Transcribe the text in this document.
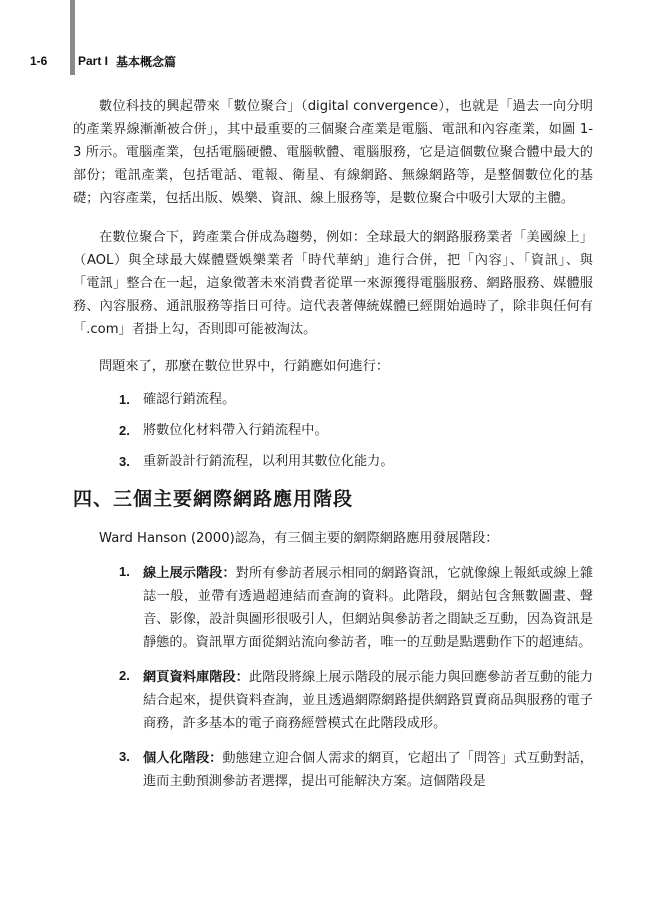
1-6	Part I 基本概念篇

數位科技的興起帶來「數位聚合」（digital convergence），也就是「過去一向分明的產業界線漸漸被合併」，其中最重要的三個聚合產業是電腦、電訊和內容產業，如圖 1-3 所示。電腦產業，包括電腦硬體、電腦軟體、電腦服務，它是這個數位聚合體中最大的部份；電訊產業，包括電話、電報、衛星、有線網路、無線網路等，是整個數位化的基礎；內容產業，包括出版、娛樂、資訊、線上服務等，是數位聚合中吸引大眾的主體。

在數位聚合下，跨產業合併成為趨勢，例如：全球最大的網路服務業者「美國線上」（AOL）與全球最大媒體暨娛樂業者「時代華納」進行合併，把「內容」、「資訊」、與「電訊」整合在一起，這象徵著未來消費者從單一來源獲得電腦服務、網路服務、媒體服務、內容服務、通訊服務等指日可待。這代表著傳統媒體已經開始過時了，除非與任何有「.com」者掛上勾，否則即可能被淘汰。

問題來了，那麼在數位世界中，行銷應如何進行：

1. 確認行銷流程。
2. 將數位化材料帶入行銷流程中。
3. 重新設計行銷流程，以利用其數位化能力。
四、三個主要網際網路應用階段

Ward Hanson (2000)認為，有三個主要的網際網路應用發展階段：

1. 線上展示階段：對所有參訪者展示相同的網路資訊，它就像線上報紙或線上雜誌一般，並帶有透過超連結而查詢的資料。此階段，網站包含無數圖畫、聲音、影像，設計與圖形很吸引人，但網站與參訪者之間缺乏互動，因為資訊是靜態的。資訊單方面從網站流向參訪者，唯一的互動是點選動作下的超連結。
2. 網頁資料庫階段：此階段將線上展示階段的展示能力與回應參訪者互動的能力結合起來，提供資料查詢，並且透過網際網路提供網路買賣商品與服務的電子商務，許多基本的電子商務經營模式在此階段成形。
3. 個人化階段：動態建立迎合個人需求的網頁，它超出了「問答」式互動對話，進而主動預測參訪者選擇，提出可能解決方案。這個階段是
